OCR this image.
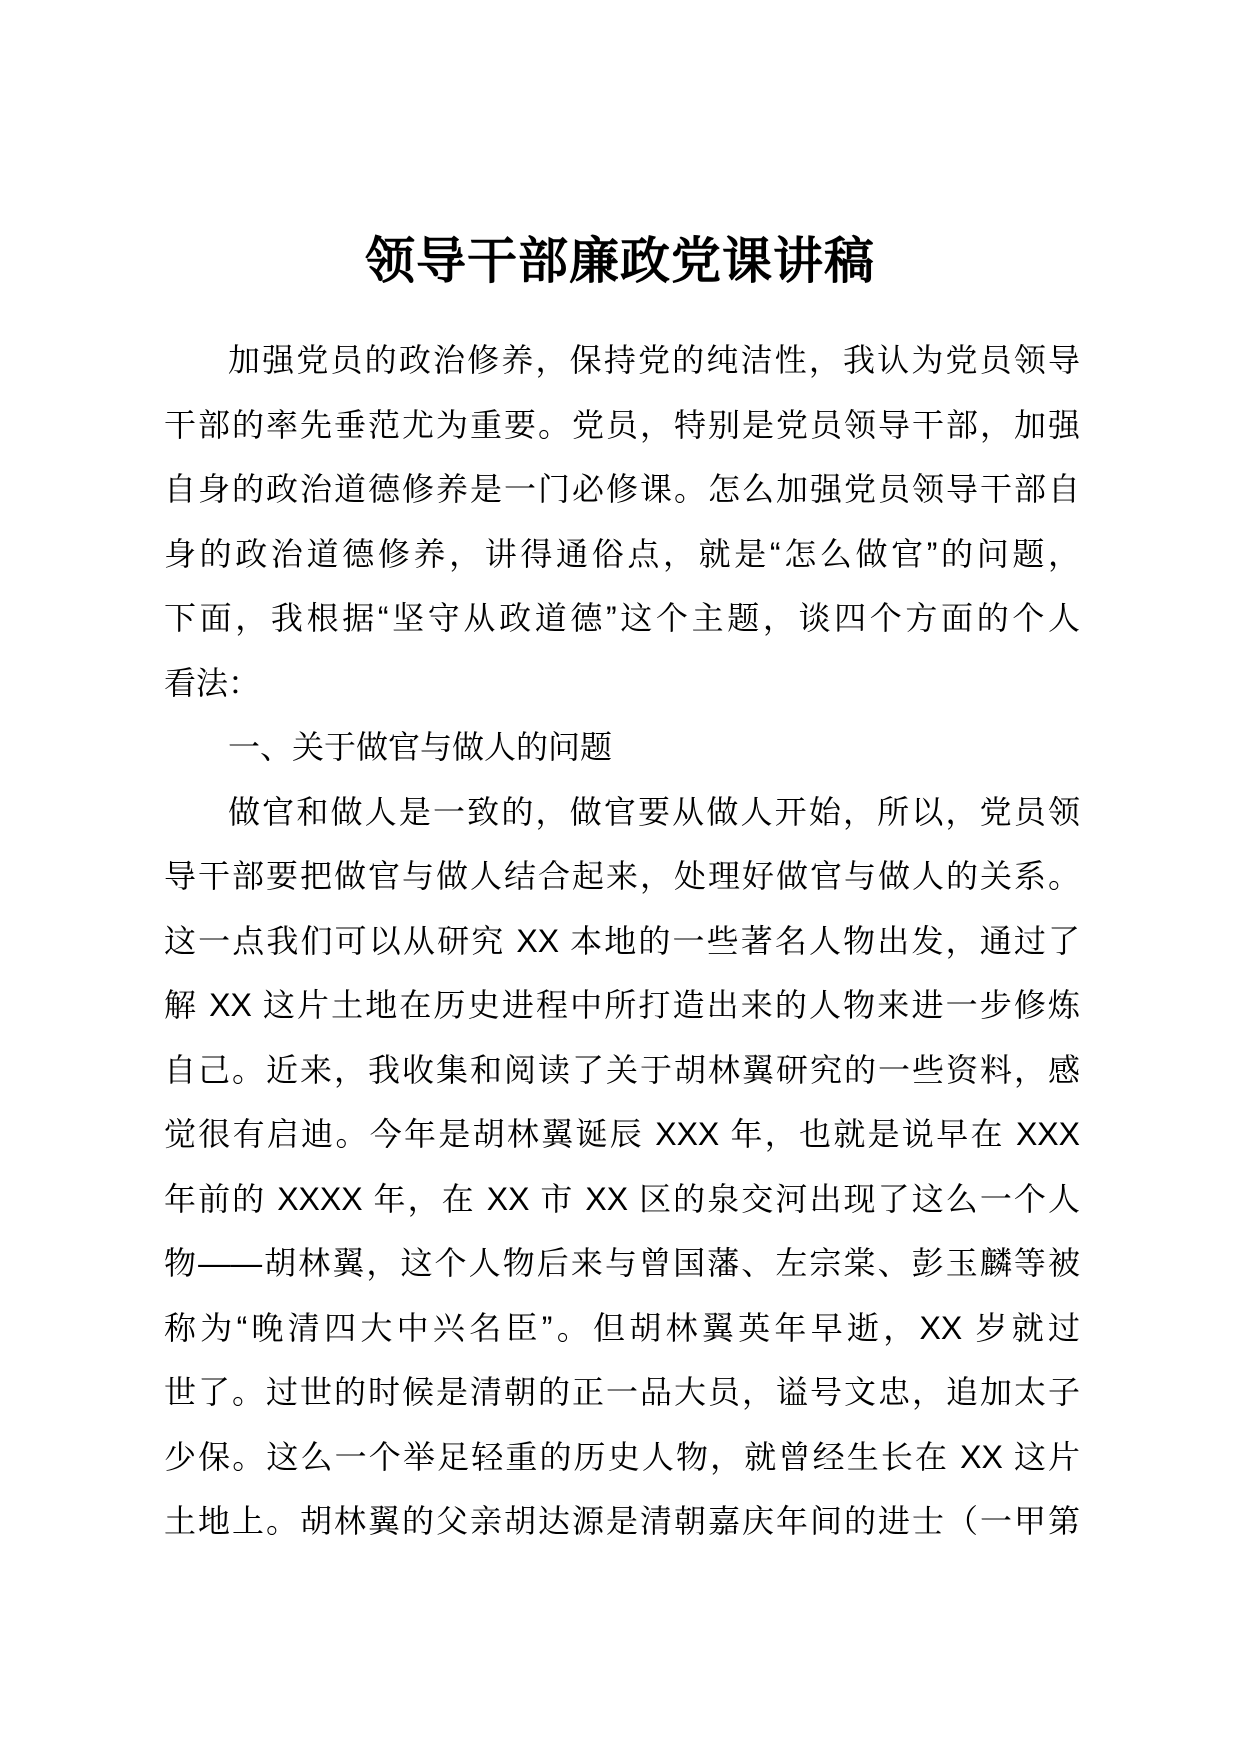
领导干部廉政党课讲稿
加强党员的政治修养，保持党的纯洁性，我认为党员领导
干部的率先垂范尤为重要。党员，特别是党员领导干部，加强
自身的政治道德修养是一门必修课。怎么加强党员领导干部自
身的政治道德修养，讲得通俗点，就是“怎么做官”的问题，
下面，我根据“坚守从政道德”这个主题，谈四个方面的个人
看法：
一、关于做官与做人的问题
做官和做人是一致的，做官要从做人开始，所以，党员领
导干部要把做官与做人结合起来，处理好做官与做人的关系。
这一点我们可以从研究 XX 本地的一些著名人物出发，通过了
解 XX 这片土地在历史进程中所打造出来的人物来进一步修炼
自己。近来，我收集和阅读了关于胡林翼研究的一些资料，感
觉很有启迪。今年是胡林翼诞辰 XXX 年，也就是说早在 XXX
年前的 XXXX 年，在 XX 市 XX 区的泉交河出现了这么一个人
物——胡林翼，这个人物后来与曾国藩、左宗棠、彭玉麟等被
称为“晚清四大中兴名臣”。但胡林翼英年早逝，XX 岁就过
世了。过世的时候是清朝的正一品大员，谥号文忠，追加太子
少保。这么一个举足轻重的历史人物，就曾经生长在 XX 这片
土地上。胡林翼的父亲胡达源是清朝嘉庆年间的进士（一甲第
